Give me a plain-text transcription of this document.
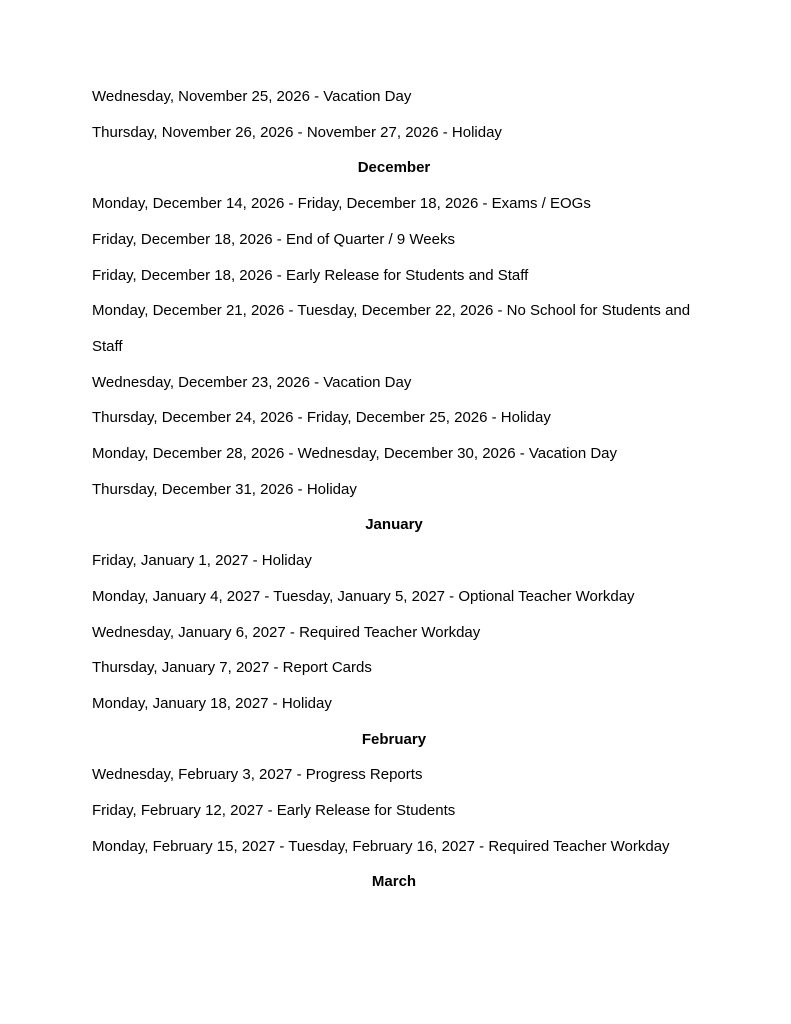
Wednesday, November 25, 2026 - Vacation Day

Thursday, November 26, 2026 - November 27, 2026 - Holiday

December

Monday, December 14, 2026 - Friday, December 18, 2026 - Exams / EOGs

Friday, December 18, 2026 - End of Quarter / 9 Weeks

Friday, December 18, 2026 - Early Release for Students and Staff

Monday, December 21, 2026 - Tuesday, December 22, 2026 - No School for Students and Staff

Wednesday, December 23, 2026 - Vacation Day

Thursday, December 24, 2026 - Friday, December 25, 2026 - Holiday

Monday, December 28, 2026 - Wednesday, December 30, 2026 - Vacation Day

Thursday, December 31, 2026 - Holiday

January

Friday, January 1, 2027 - Holiday

Monday, January 4, 2027 - Tuesday, January 5, 2027 - Optional Teacher Workday

Wednesday, January 6, 2027 - Required Teacher Workday

Thursday, January 7, 2027 - Report Cards

Monday, January 18, 2027 - Holiday

February

Wednesday, February 3, 2027 - Progress Reports

Friday, February 12, 2027 - Early Release for Students

Monday, February 15, 2027 - Tuesday, February 16, 2027 - Required Teacher Workday

March
